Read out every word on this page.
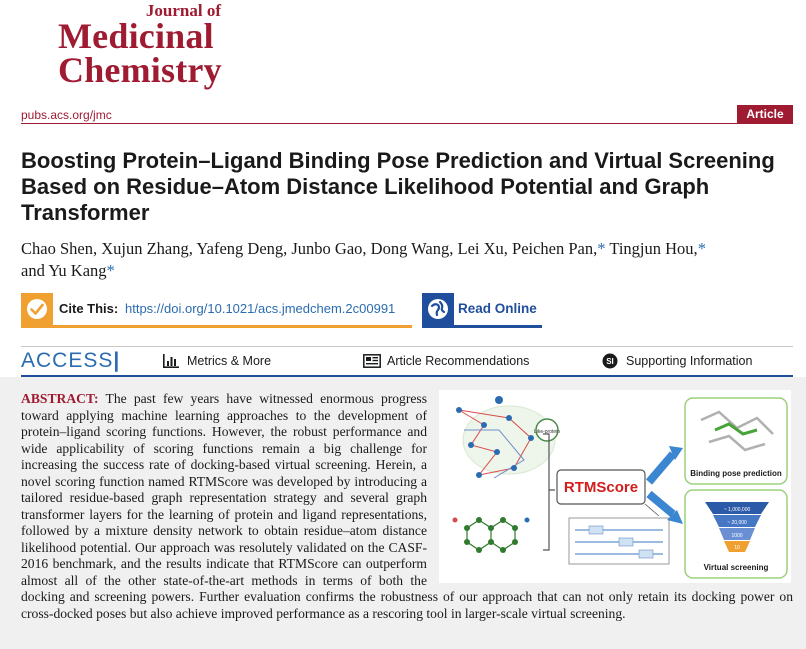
Journal of
Medicinal
Chemistry
pubs.acs.org/jmc	Article
Boosting Protein–Ligand Binding Pose Prediction and Virtual Screening Based on Residue–Atom Distance Likelihood Potential and Graph Transformer
Chao Shen, Xujun Zhang, Yafeng Deng, Junbo Gao, Dong Wang, Lei Xu, Peichen Pan,* Tingjun Hou,*
and Yu Kang*
Cite This: https://doi.org/10.1021/acs.jmedchem.2c00991	Read Online
ACCESS|	Metrics & More	Article Recommendations	SI Supporting Information

ABSTRACT: The past few years have witnessed enormous progress toward applying machine learning approaches to the development of protein–ligand scoring functions. However, the robust performance and wide applicability of scoring functions remain a big challenge for increasing the success rate of docking-based virtual screening. Herein, a novel scoring function named RTMScore was developed by introducing a tailored residue-based graph representation strategy and several graph transformer layers for the learning of protein and ligand representations, followed by a mixture density network to obtain residue–atom distance likelihood potential. Our approach was resolutely validated on the CASF-2016 benchmark, and the results indicate that RTMScore can outperform almost all of the other state-of-the-art methods in terms of both the docking and screening powers. Further evaluation confirms the robustness of our approach that can not only retain its docking power on cross-docked poses but also achieve improved performance as a rescoring tool in larger-scale virtual screening.

Like-protein
RTMScore
Binding pose prediction
~ 1,000,000
~ 20,000
1000
10
Virtual screening
